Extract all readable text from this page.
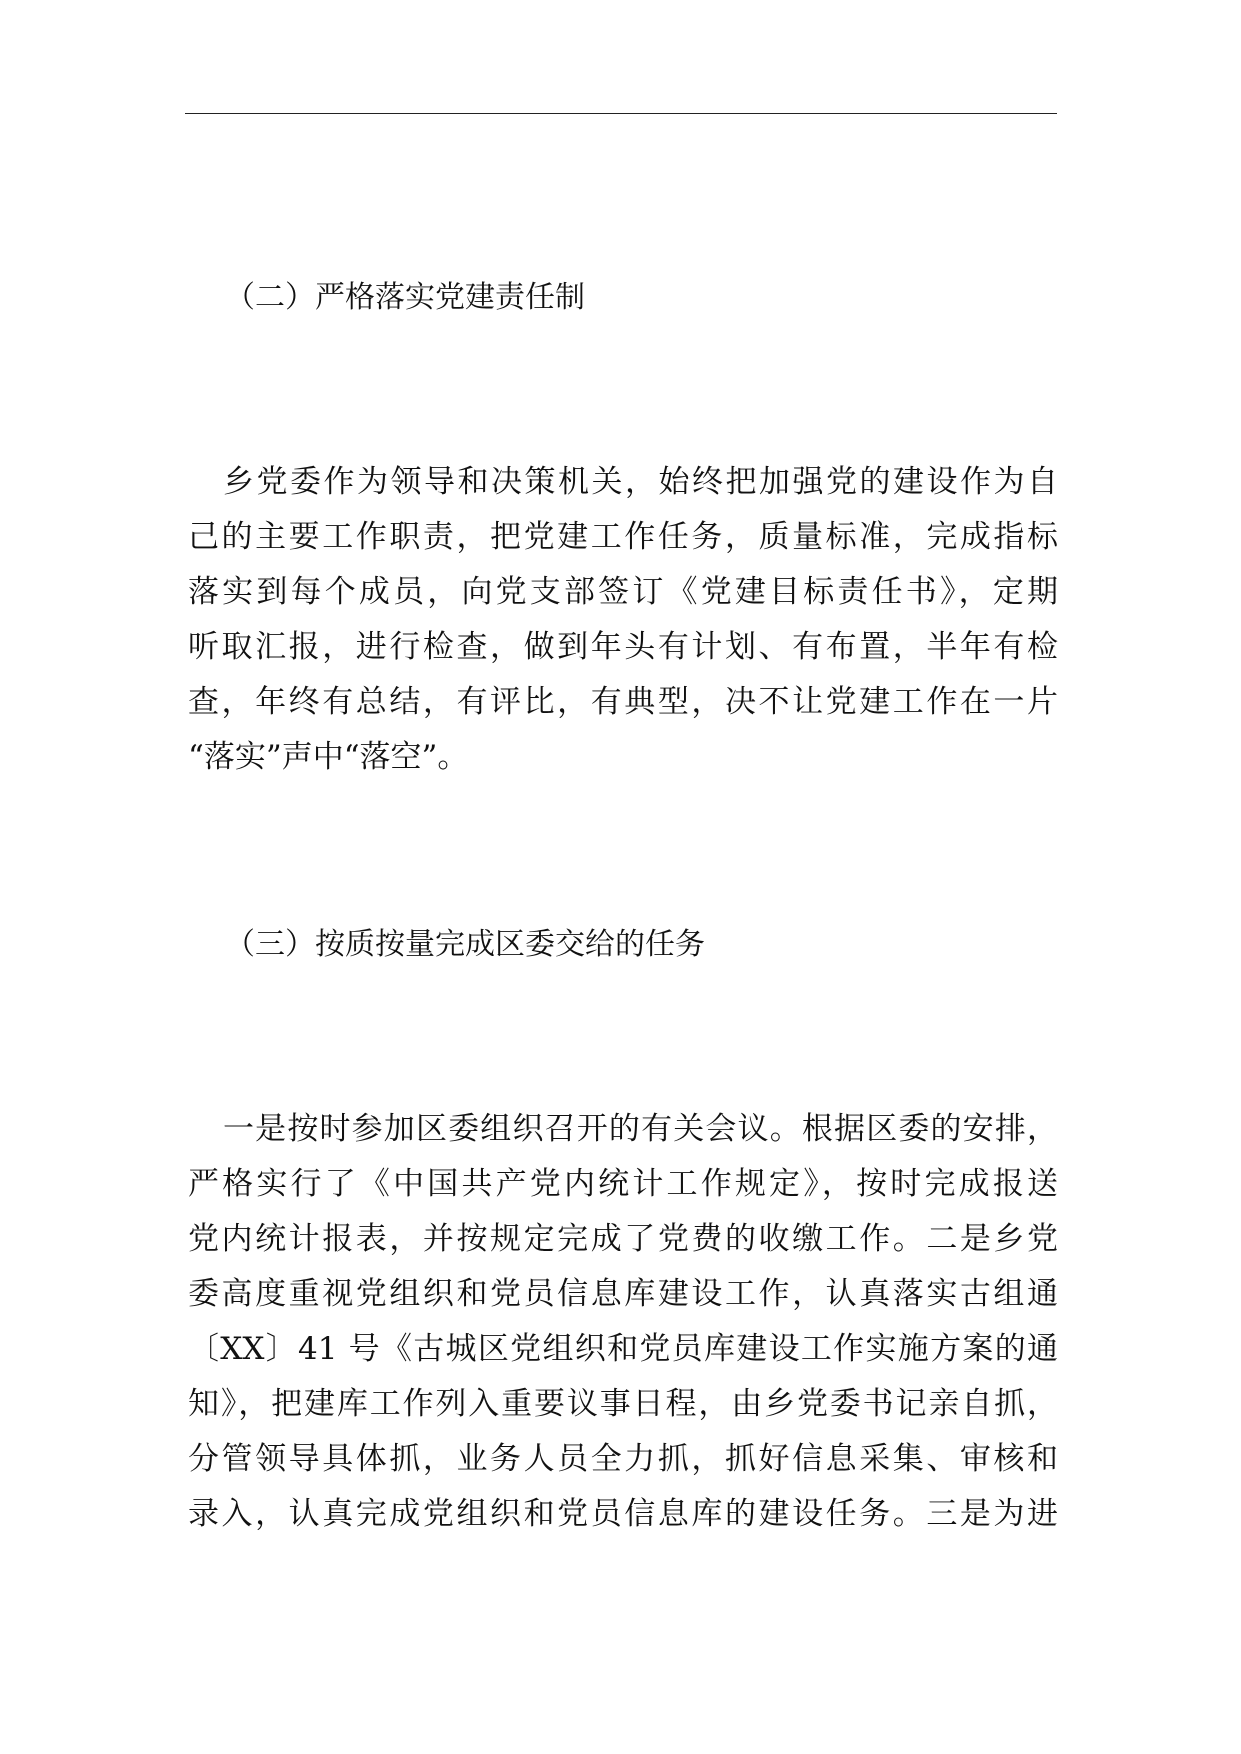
（二）严格落实党建责任制
乡党委作为领导和决策机关，始终把加强党的建设作为自
己的主要工作职责，把党建工作任务，质量标准，完成指标
落实到每个成员，向党支部签订《党建目标责任书》，定期
听取汇报，进行检查，做到年头有计划、有布置，半年有检
查，年终有总结，有评比，有典型，决不让党建工作在一片
“落实”声中“落空”。
（三）按质按量完成区委交给的任务
一是按时参加区委组织召开的有关会议。根据区委的安排，
严格实行了《中国共产党内统计工作规定》，按时完成报送
党内统计报表，并按规定完成了党费的收缴工作。二是乡党
委高度重视党组织和党员信息库建设工作，认真落实古组通
〔XX〕41 号《古城区党组织和党员库建设工作实施方案的通
知》，把建库工作列入重要议事日程，由乡党委书记亲自抓，
分管领导具体抓，业务人员全力抓，抓好信息采集、审核和
录入，认真完成党组织和党员信息库的建设任务。三是为进
